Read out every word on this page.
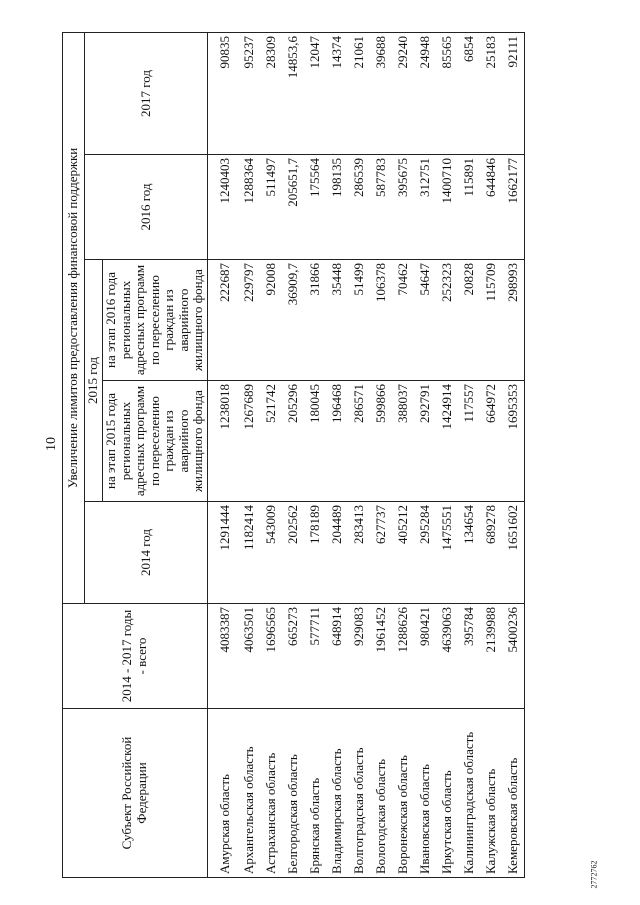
10
2772762
Субъект Российской Федерации	2014 - 2017 годы - всего	Увеличение лимитов предоставления финансовой поддержки				
		2014 год	2015 год		2016 год	2017 год
			на этап 2015 года региональных адресных программ по переселению граждан из аварийного жилищного фонда	на этап 2016 года региональных адресных программ по переселению граждан из аварийного жилищного фонда		
Амурская область	4083387	1291444	1238018	222687	1240403	90835
Архангельская область	4063501	1182414	1267689	229797	1288364	95237
Астраханская область	1696565	543009	521742	92008	511497	28309
Белгородская область	665273	202562	205296	36909,7	205651,7	14853,6
Брянская область	577711	178189	180045	31866	175564	12047
Владимирская область	648914	204489	196468	35448	198135	14374
Волгоградская область	929083	283413	286571	51499	286539	21061
Вологодская область	1961452	627737	599866	106378	587783	39688
Воронежская область	1288626	405212	388037	70462	395675	29240
Ивановская область	980421	295284	292791	54647	312751	24948
Иркутская область	4639063	1475551	1424914	252323	1400710	85565
Калининградская область	395784	134654	117557	20828	115891	6854
Калужская область	2139988	689278	664972	115709	644846	25183
Кемеровская область	5400236	1651602	1695353	298993	1662177	92111
